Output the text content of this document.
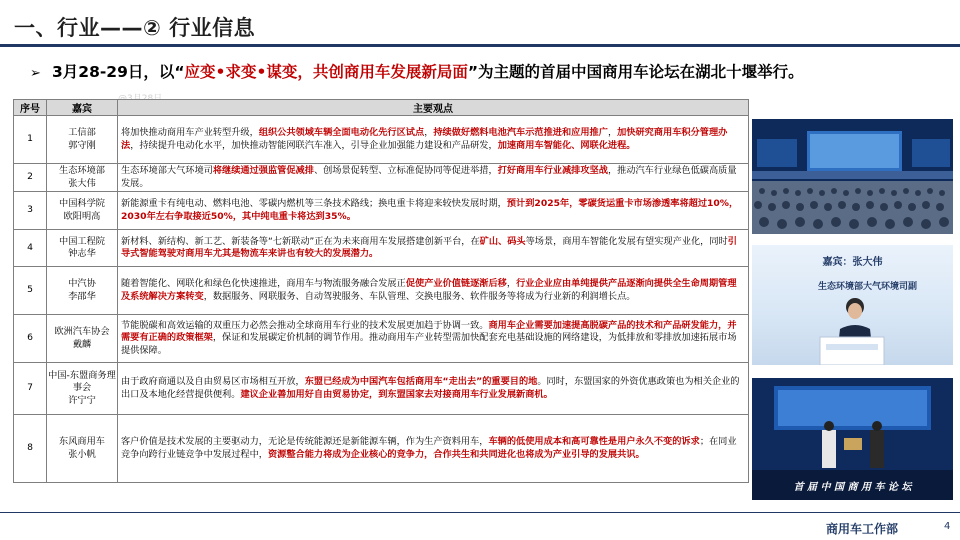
一、行业——② 行业信息
➢ 3月28-29日，以“应变•求变•谋变，共创商用车发展新局面”为主题的首届中国商用车论坛在湖北十堰举行。
序号	嘉宾	主要观点
1	工信部
郭守刚	将加快推动商用车产业转型升级，组织公共领域车辆全面电动化先行区试点，持续做好燃料电池汽车示范推进和应用推广，加快研究商用车积分管理办法，持续提升电动化水平，加快推动智能网联汽车准入，引导企业加强能力建设和产品研发，加速商用车智能化、网联化进程。
2	生态环境部
张大伟	生态环境部大气环境司将继续通过强监管促减排、创场景促转型、立标准促协同等促进举措，打好商用车行业减排攻坚战，推动汽车行业绿色低碳高质量发展。
3	中国科学院
欧阳明高	新能源重卡有纯电动、燃料电池、零碳内燃机等三条技术路线；换电重卡将迎来较快发展时期，预计到2025年，零碳货运重卡市场渗透率将超过10%，2030年左右争取接近50%，其中纯电重卡将达到35%。
4	中国工程院
钟志华	新材料、新结构、新工艺、新装备等“七新联动”正在为未来商用车发展搭建创新平台，在矿山、码头等场景，商用车智能化发展有望实现产业化，同时引导式智能驾驶对商用车尤其是物流车来讲也有较大的发展潜力。
5	中汽协
李邵华	随着智能化、网联化和绿色化快速推进，商用车与物流服务融合发展正促使产业价值链逐渐后移，行业企业应由单纯提供产品逐渐向提供全生命周期管理及系统解决方案转变，数据服务、网联服务、自动驾驶服务、车队管理、交换电服务、软件服务等将成为行业新的利润增长点。
6	欧洲汽车协会
戴麟	节能脱碳和高效运输的双重压力必然会推动全球商用车行业的技术发展更加趋于协调一致。商用车企业需要加速提高脱碳产品的技术和产品研发能力，并需要有正确的政策框架，保证和发展碳定价机制的调节作用。推动商用车产业转型需加快配套充电基础设施的网络建设，为低排放和零排放加速拓展市场提供保障。
7	中国-东盟商务理事会
许宁宁	由于政府商通以及自由贸易区市场相互开放，东盟已经成为中国汽车包括商用车“走出去”的重要目的地。同时，东盟国家的外资优惠政策也为相关企业的出口及本地化经营提供便利。建议企业善加用好自由贸易协定，到东盟国家去对接商用车行业发展新商机。
8	东风商用车
张小帆	客户价值是技术发展的主要驱动力，无论是传统能源还是新能源车辆，作为生产资料用车，车辆的低使用成本和高可靠性是用户永久不变的诉求；在同业竞争向跨行业链竞争中发展过程中，资源整合能力将成为企业核心的竞争力，合作共生和共同进化也将成为产业引导的发展共识。
嘉宾：张大伟
生态环境部大气环境司副
首 届 中 国 商 用 车 论 坛
商用车工作部	4
